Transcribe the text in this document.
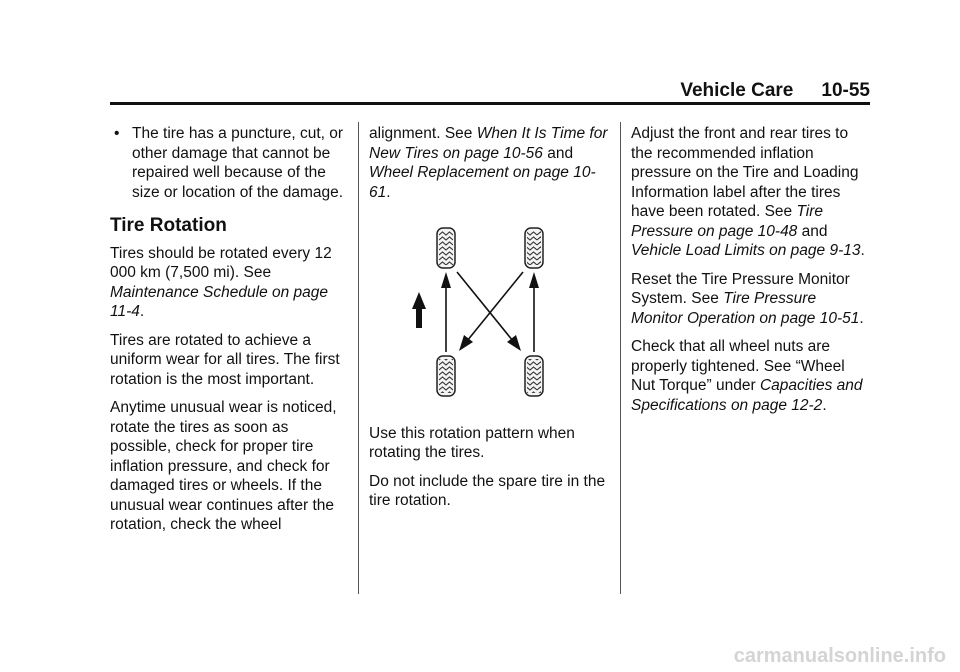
Vehicle Care 10-55
• The tire has a puncture, cut, or other damage that cannot be repaired well because of the size or location of the damage.
Tire Rotation

Tires should be rotated every 12 000 km (7,500 mi). See Maintenance Schedule on page 11-4.

Tires are rotated to achieve a uniform wear for all tires. The first rotation is the most important.

Anytime unusual wear is noticed, rotate the tires as soon as possible, check for proper tire inflation pressure, and check for damaged tires or wheels. If the unusual wear continues after the rotation, check the wheel

alignment. See When It Is Time for New Tires on page 10-56 and Wheel Replacement on page 10-61.

Use this rotation pattern when rotating the tires.

Do not include the spare tire in the tire rotation.

Adjust the front and rear tires to the recommended inflation pressure on the Tire and Loading Information label after the tires have been rotated. See Tire Pressure on page 10-48 and Vehicle Load Limits on page 9-13.

Reset the Tire Pressure Monitor System. See Tire Pressure Monitor Operation on page 10-51.

Check that all wheel nuts are properly tightened. See “Wheel Nut Torque” under Capacities and Specifications on page 12-2.

carmanualsonline.info
